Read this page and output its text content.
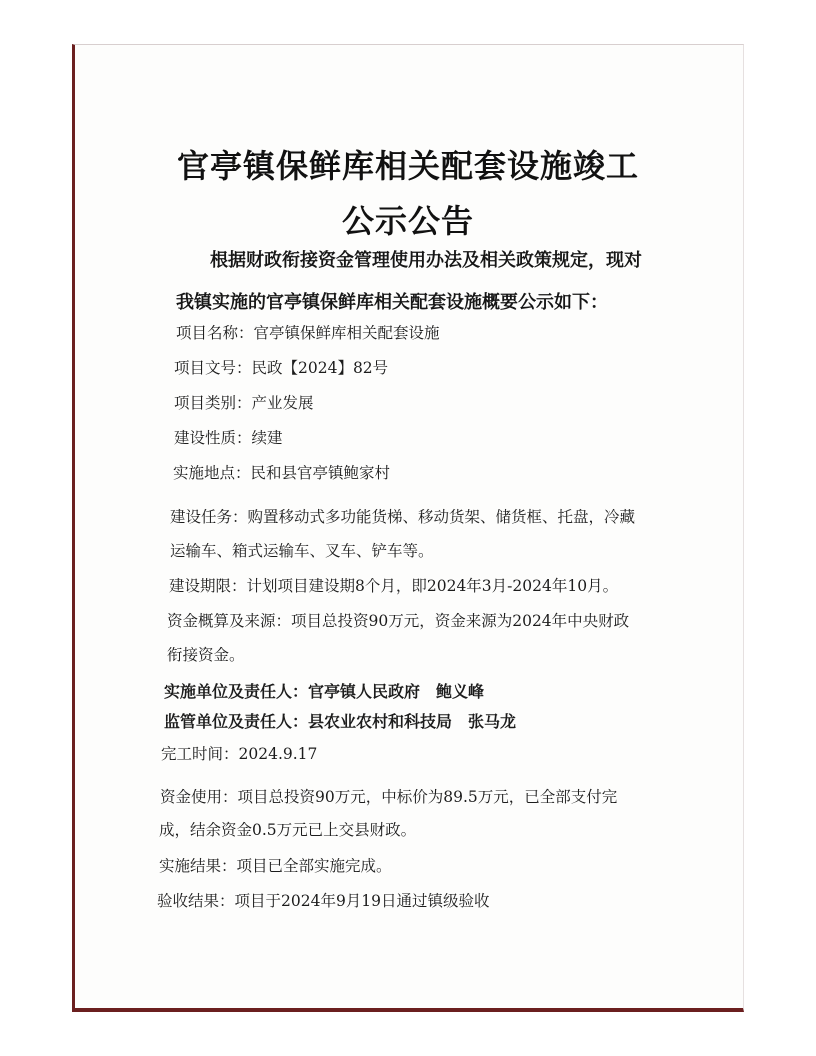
官亭镇保鲜库相关配套设施竣工
公示公告
根据财政衔接资金管理使用办法及相关政策规定，现对
我镇实施的官亭镇保鲜库相关配套设施概要公示如下：
项目名称：官亭镇保鲜库相关配套设施
项目文号：民政【2024】82号
项目类别：产业发展
建设性质：续建
实施地点：民和县官亭镇鲍家村
建设任务：购置移动式多功能货梯、移动货架、储货框、托盘，冷藏
运输车、箱式运输车、叉车、铲车等。
建设期限：计划项目建设期8个月，即2024年3月-2024年10月。
资金概算及来源：项目总投资90万元，资金来源为2024年中央财政
衔接资金。
实施单位及责任人：官亭镇人民政府 鲍义峰
监管单位及责任人：县农业农村和科技局 张马龙
完工时间：2024.9.17
资金使用：项目总投资90万元，中标价为89.5万元，已全部支付完
成，结余资金0.5万元已上交县财政。
实施结果：项目已全部实施完成。
验收结果：项目于2024年9月19日通过镇级验收
